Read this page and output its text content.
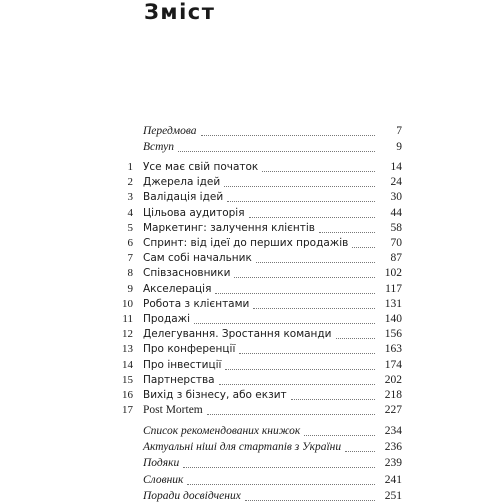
Зміст
Передмова	7
Вступ	9
1 Усе має свій початок	14
2 Джерела ідей	24
3 Валідація ідей	30
4 Цільова аудиторія	44
5 Маркетинг: залучення клієнтів	58
6 Спринт: від ідеї до перших продажів	70
7 Сам собі начальник	87
8 Співзасновники	102
9 Акселерація	117
10 Робота з клієнтами	131
11 Продажі	140
12 Делегування. Зростання команди	156
13 Про конференції	163
14 Про інвестиції	174
15 Партнерства	202
16 Вихід з бізнесу, або екзит	218
17 Post Mortem	227
Список рекомендованих книжок	234
Актуальні ніші для стартапів з України	236
Подяки	239
Словник	241
Поради досвідчених	251
